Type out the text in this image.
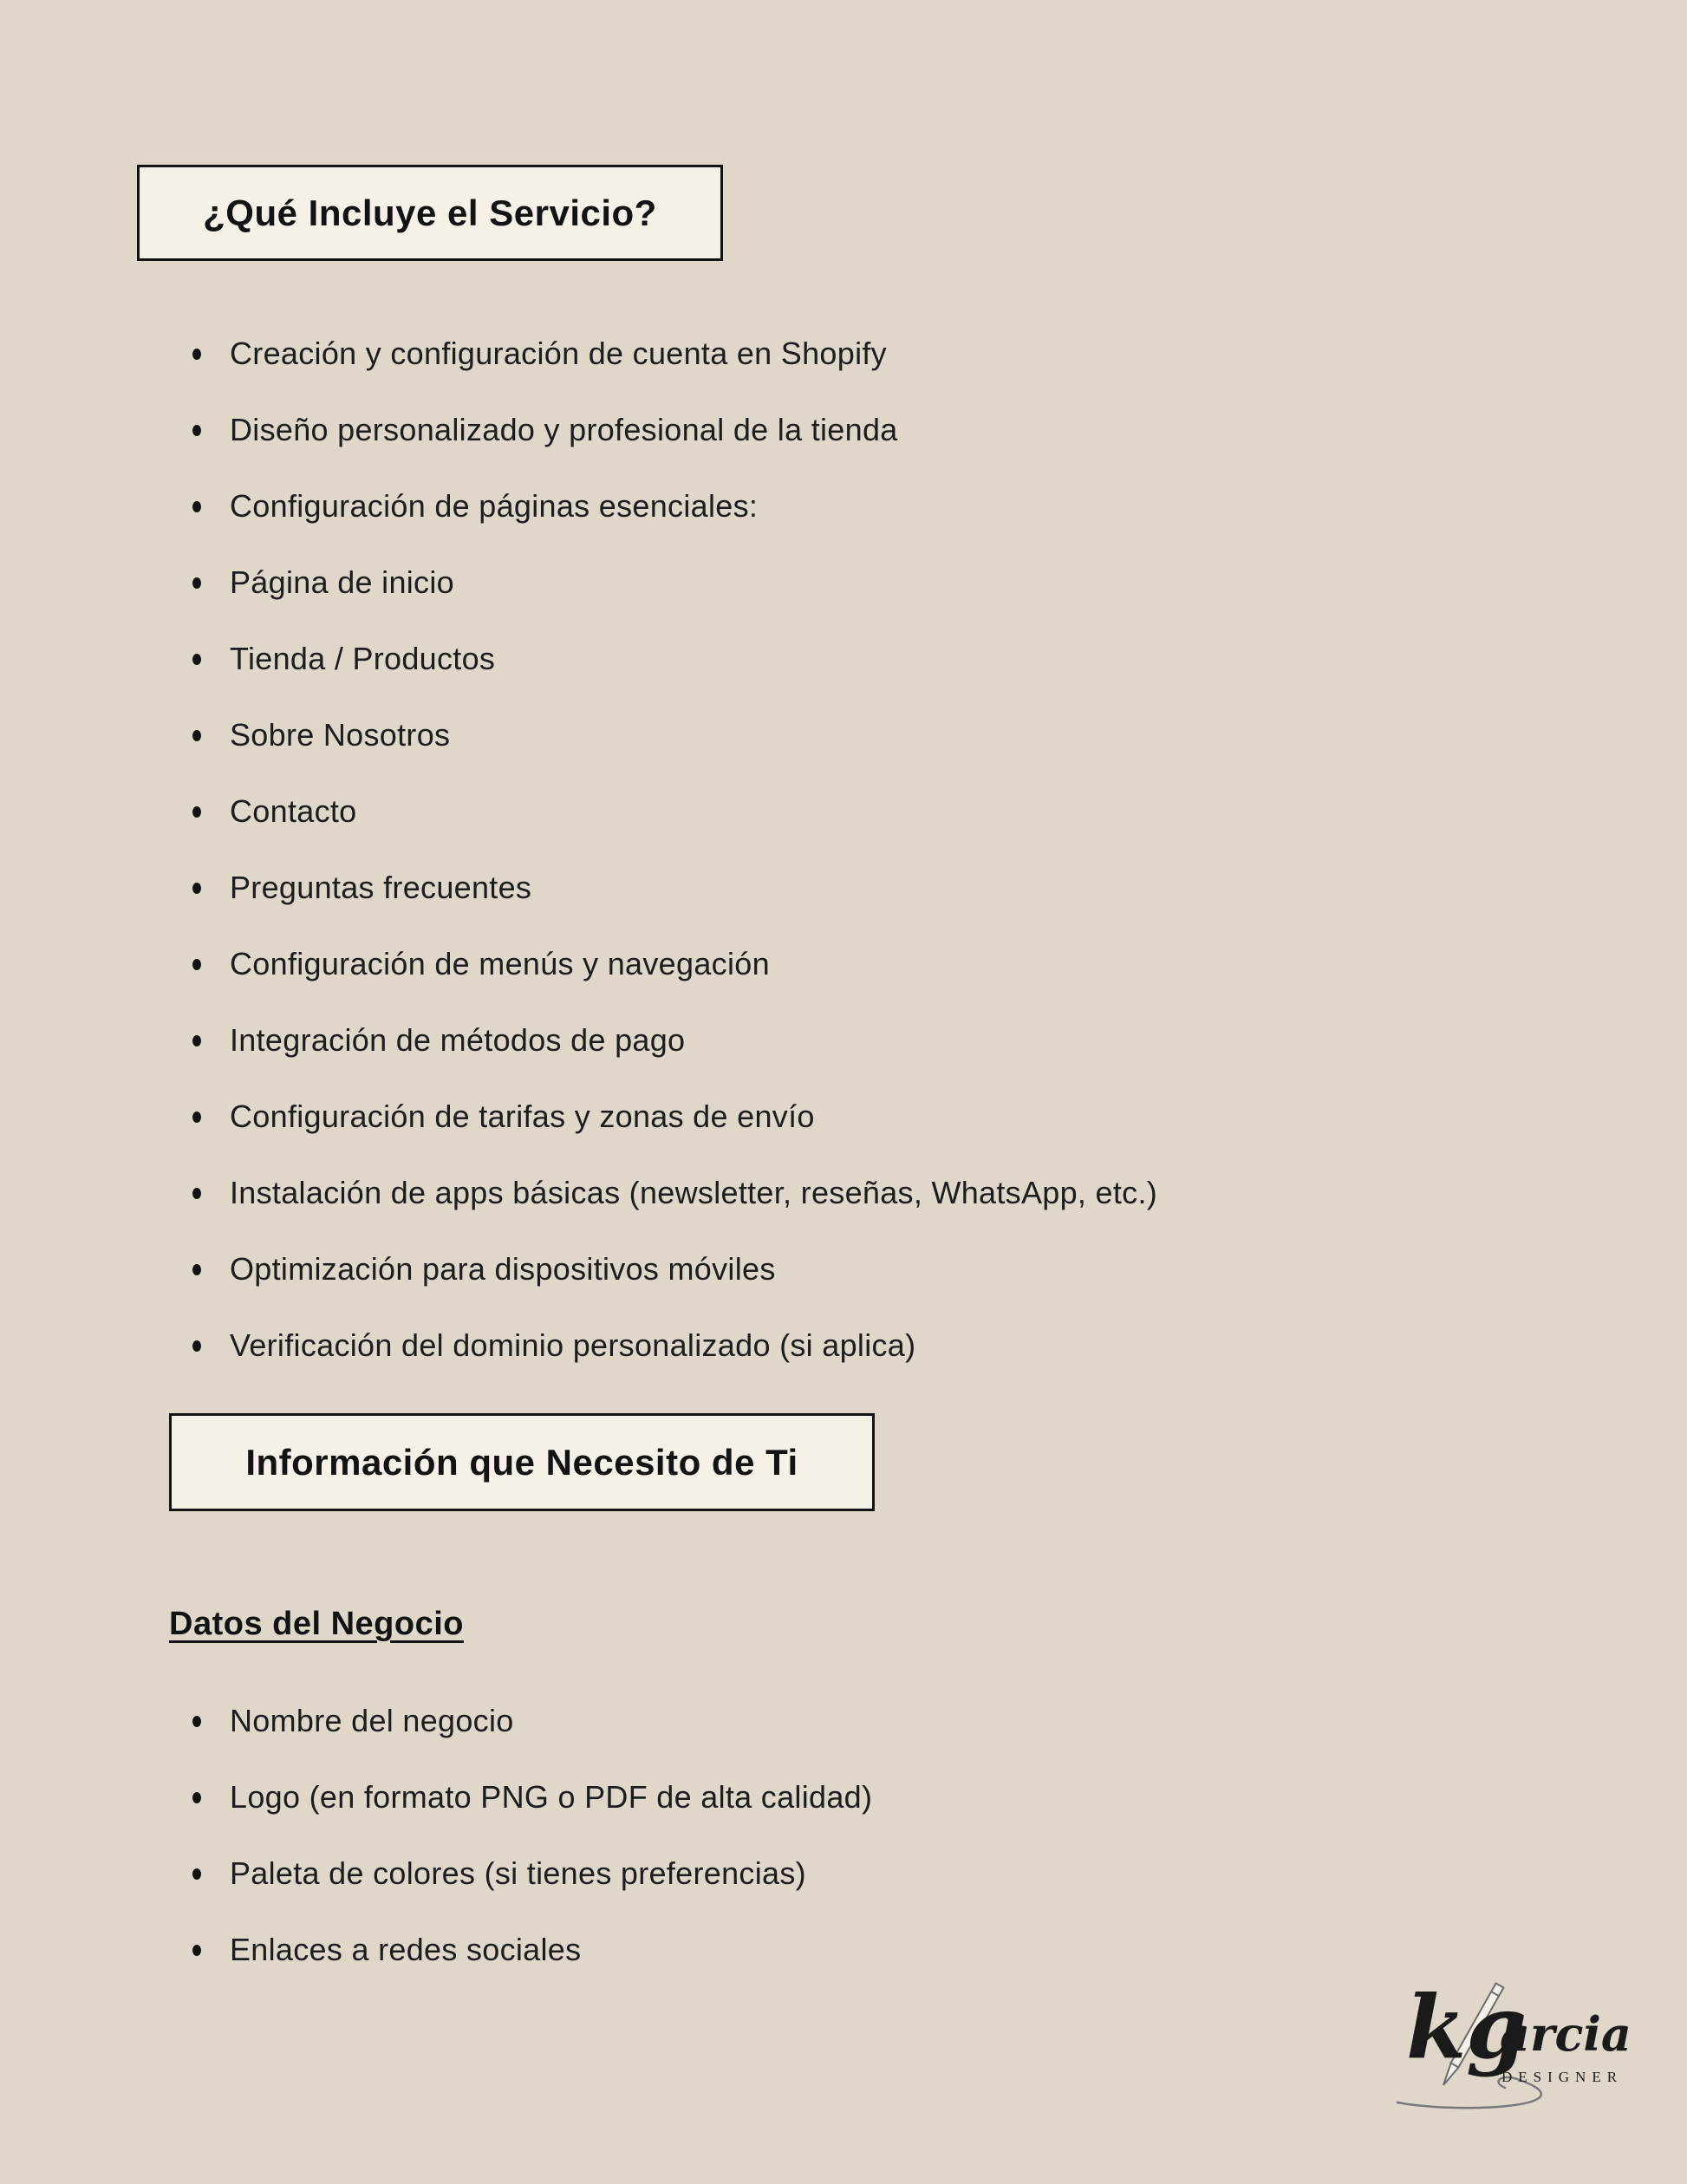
¿Qué Incluye el Servicio?
Creación y configuración de cuenta en Shopify
Diseño personalizado y profesional de la tienda
Configuración de páginas esenciales:
Página de inicio
Tienda / Productos
Sobre Nosotros
Contacto
Preguntas frecuentes
Configuración de menús y navegación
Integración de métodos de pago
Configuración de tarifas y zonas de envío
Instalación de apps básicas (newsletter, reseñas, WhatsApp, etc.)
Optimización para dispositivos móviles
Verificación del dominio personalizado (si aplica)
Información que Necesito de Ti
Datos del Negocio
Nombre del negocio
Logo (en formato PNG o PDF de alta calidad)
Paleta de colores (si tienes preferencias)
Enlaces a redes sociales
kg
arcia
DESIGNER
